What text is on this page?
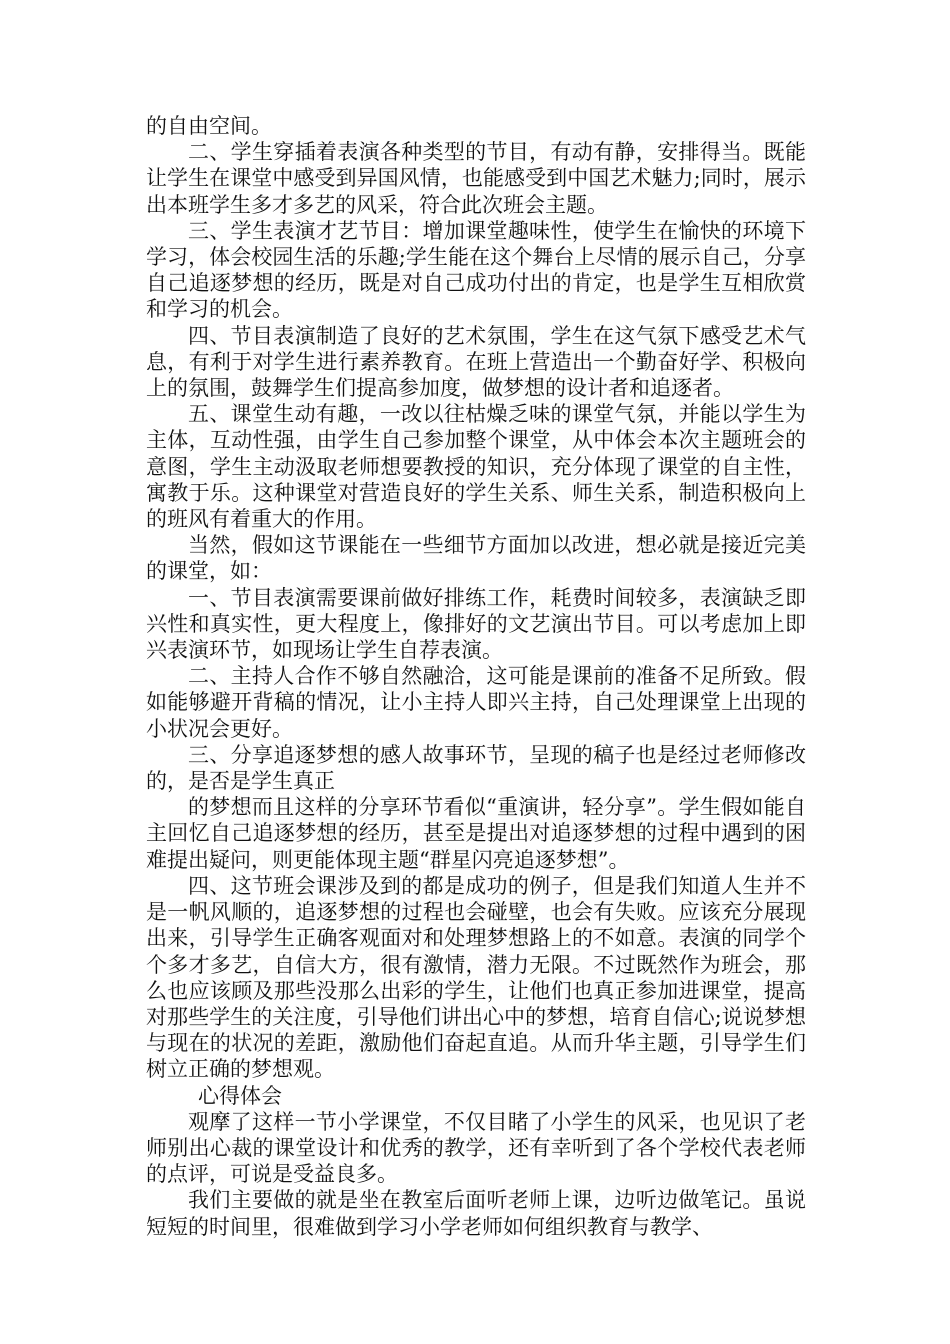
的自由空间。

二、学生穿插着表演各种类型的节目，有动有静，安排得当。既能让学生在课堂中感受到异国风情，也能感受到中国艺术魅力;同时，展示出本班学生多才多艺的风采，符合此次班会主题。

三、学生表演才艺节目：增加课堂趣味性，使学生在愉快的环境下学习，体会校园生活的乐趣;学生能在这个舞台上尽情的展示自己，分享自己追逐梦想的经历，既是对自己成功付出的肯定，也是学生互相欣赏和学习的机会。

四、节目表演制造了良好的艺术氛围，学生在这气氛下感受艺术气息，有利于对学生进行素养教育。在班上营造出一个勤奋好学、积极向上的氛围，鼓舞学生们提高参加度，做梦想的设计者和追逐者。

五、课堂生动有趣，一改以往枯燥乏味的课堂气氛，并能以学生为主体，互动性强，由学生自己参加整个课堂，从中体会本次主题班会的意图，学生主动汲取老师想要教授的知识，充分体现了课堂的自主性，寓教于乐。这种课堂对营造良好的学生关系、师生关系，制造积极向上的班风有着重大的作用。

当然，假如这节课能在一些细节方面加以改进，想必就是接近完美的课堂，如：

一、节目表演需要课前做好排练工作，耗费时间较多，表演缺乏即兴性和真实性，更大程度上，像排好的文艺演出节目。可以考虑加上即兴表演环节，如现场让学生自荐表演。

二、主持人合作不够自然融洽，这可能是课前的准备不足所致。假如能够避开背稿的情况，让小主持人即兴主持，自己处理课堂上出现的小状况会更好。

三、分享追逐梦想的感人故事环节，呈现的稿子也是经过老师修改的，是否是学生真正

的梦想而且这样的分享环节看似“重演讲，轻分享”。学生假如能自主回忆自己追逐梦想的经历，甚至是提出对追逐梦想的过程中遇到的困难提出疑问，则更能体现主题“群星闪亮追逐梦想”。

四、这节班会课涉及到的都是成功的例子，但是我们知道人生并不是一帆风顺的，追逐梦想的过程也会碰壁，也会有失败。应该充分展现出来，引导学生正确客观面对和处理梦想路上的不如意。表演的同学个个多才多艺，自信大方，很有激情，潜力无限。不过既然作为班会，那么也应该顾及那些没那么出彩的学生，让他们也真正参加进课堂，提高对那些学生的关注度，引导他们讲出心中的梦想，培育自信心;说说梦想与现在的状况的差距，激励他们奋起直追。从而升华主题，引导学生们树立正确的梦想观。

心得体会

观摩了这样一节小学课堂，不仅目睹了小学生的风采，也见识了老师别出心裁的课堂设计和优秀的教学，还有幸听到了各个学校代表老师的点评，可说是受益良多。

我们主要做的就是坐在教室后面听老师上课，边听边做笔记。虽说短短的时间里，很难做到学习小学老师如何组织教育与教学、
